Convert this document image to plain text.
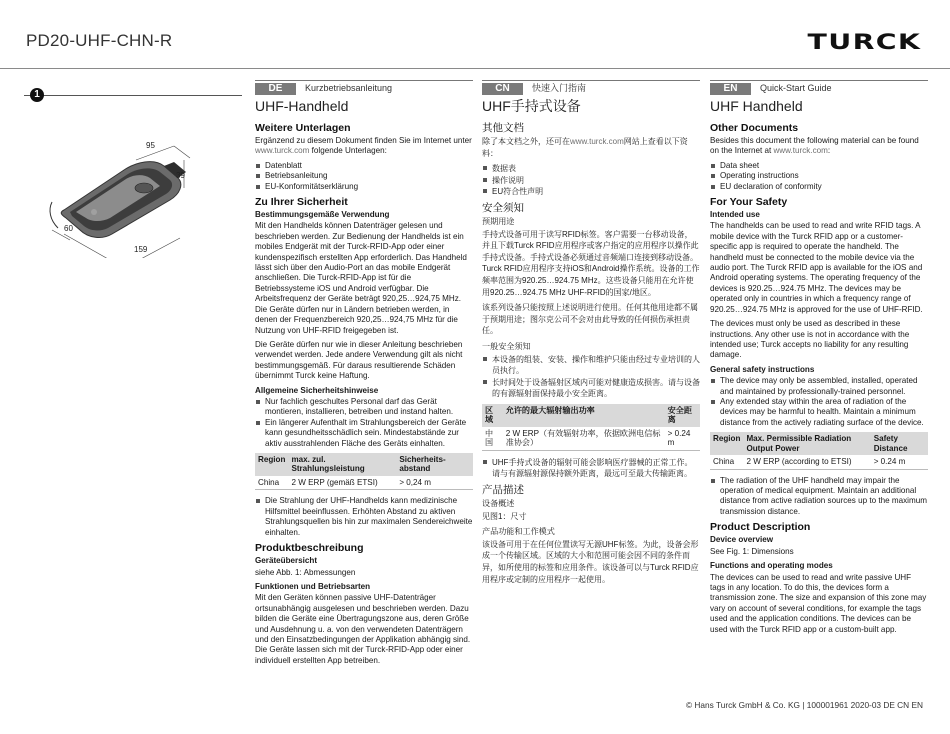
PD20-UHF-CHN-R	TURCK
1
95
39
159
60
DE	Kurzbetriebsanleitung
UHF-Handheld
Weitere Unterlagen

Ergänzend zu diesem Dokument finden Sie im Internet unter www.turck.com folgende Unterlagen:

Datenblatt
Betriebsanleitung
EU-Konformitätserklärung
Zu Ihrer Sicherheit
Bestimmungsgemäße Verwendung

Mit den Handhelds können Datenträger gelesen und beschrieben werden. Zur Bedienung der Handhelds ist ein mobiles Endgerät mit der Turck-RFID-App oder einer kundenspezifisch erstellten App erforderlich. Das Handheld lässt sich über den Audio-Port an das mobile Endgerät anschließen. Die Turck-RFID-App ist für die Betriebssysteme iOS und Android verfügbar. Die Arbeitsfrequenz der Geräte beträgt 920,25…924,75 MHz. Die Geräte dürfen nur in Ländern betrieben werden, in denen der Frequenzbereich 920,25…924,75 MHz für die Nutzung von UHF-RFID freigegeben ist.

Die Geräte dürfen nur wie in dieser Anleitung beschrieben verwendet werden. Jede andere Verwendung gilt als nicht bestimmungsgemäß. Für daraus resultierende Schäden übernimmt Turck keine Haftung.

Allgemeine Sicherheitshinweise
Nur fachlich geschultes Personal darf das Gerät montieren, installieren, betreiben und instand halten.
Ein längerer Aufenthalt im Strahlungsbereich der Geräte kann gesundheitsschädlich sein. Mindestabstände zur aktiv ausstrahlenden Fläche des Geräts einhalten.
Region	max. zul. Strahlungsleistung	Sicherheits-abstand
China	2 W ERP (gemäß ETSI)	> 0,24 m
Die Strahlung der UHF-Handhelds kann medizinische Hilfsmittel beeinflussen. Erhöhten Abstand zu aktiven Strahlungsquellen bis hin zur maximalen Sendereichweite einhalten.
Produktbeschreibung
Geräteübersicht

siehe Abb. 1: Abmessungen

Funktionen und Betriebsarten

Mit den Geräten können passive UHF-Datenträger ortsunabhängig ausgelesen und beschrieben werden. Dazu bilden die Geräte eine Übertragungszone aus, deren Größe und Ausdehnung u. a. von den verwendeten Datenträgern und den Einsatzbedingungen der Applikation abhängig sind. Die Geräte lassen sich mit der Turck-RFID-App oder einer individuell erstellten App betreiben.

CN	快速入门指南
UHF手持式设备
其他文档

除了本文档之外，还可在www.turck.com网站上查看以下资料：

数据表
操作说明
EU符合性声明
安全须知
预期用途

手持式设备可用于读写RFID标签。客户需要一台移动设备，并且下载Turck RFID应用程序或客户指定的应用程序以操作此手持式设备。手持式设备必须通过音频端口连接到移动设备。Turck RFID应用程序支持iOS和Android操作系统。设备的工作频率范围为920.25…924.75 MHz。这些设备只能用在允许使用920.25…924.75 MHz UHF-RFID的国家/地区。

该系列设备只能按照上述说明进行使用。任何其他用途都不属于预期用途；图尔克公司不会对由此导致的任何损伤承担责任。

一般安全须知
本设备的组装、安装、操作和维护只能由经过专业培训的人员执行。
长时间处于设备辐射区域内可能对健康造成损害。请与设备的有源辐射面保持最小安全距离。
区域	允许的最大辐射输出功率	安全距离
中国	2 W ERP（有效辐射功率，依据欧洲电信标准协会）	> 0.24 m
UHF手持式设备的辐射可能会影响医疗器械的正常工作。请与有源辐射源保持额外距离，最远可至最大传输距离。
产品描述
设备概述

见图1：尺寸

产品功能和工作模式

该设备可用于在任何位置读写无源UHF标签。为此，设备会形成一个传输区域。区域的大小和范围可能会因不同的条件而异，如所使用的标签和应用条件。该设备可以与Turck RFID应用程序或定制的应用程序一起使用。

EN	Quick-Start Guide
UHF Handheld
Other Documents

Besides this document the following material can be found on the Internet at www.turck.com:

Data sheet
Operating instructions
EU declaration of conformity
For Your Safety
Intended use

The handhelds can be used to read and write RFID tags. A mobile device with the Turck RFID app or a customer-specific app is required to operate the handheld. The handheld must be connected to the mobile device via the audio port. The Turck RFID app is available for the iOS and Android operating systems. The operating frequency of the devices is 920.25…924.75 MHz. The devices may be operated only in countries in which a frequency range of 920.25…924.75 MHz is approved for the use of UHF-RFID.

The devices must only be used as described in these instructions. Any other use is not in accordance with the intended use; Turck accepts no liability for any resulting damage.

General safety instructions
The device may only be assembled, installed, operated and maintained by professionally-trained personnel.
Any extended stay within the area of radiation of the devices may be harmful to health. Maintain a minimum distance from the actively radiating surface of the device.
Region	Max. Permissible Radiation Output Power	Safety Distance
China	2 W ERP (according to ETSI)	> 0.24 m
The radiation of the UHF handheld may impair the operation of medical equipment. Maintain an additional distance from active radiation sources up to the maximum transmission distance.
Product Description
Device overview

See Fig. 1: Dimensions

Functions and operating modes

The devices can be used to read and write passive UHF tags in any location. To do this, the devices form a transmission zone. The size and expansion of this zone may vary on account of several conditions, for example the tags used and the application conditions. The devices can be used with the Turck RFID app or a custom-built app.

© Hans Turck GmbH & Co. KG | 100001961 2020-03 DE CN EN
